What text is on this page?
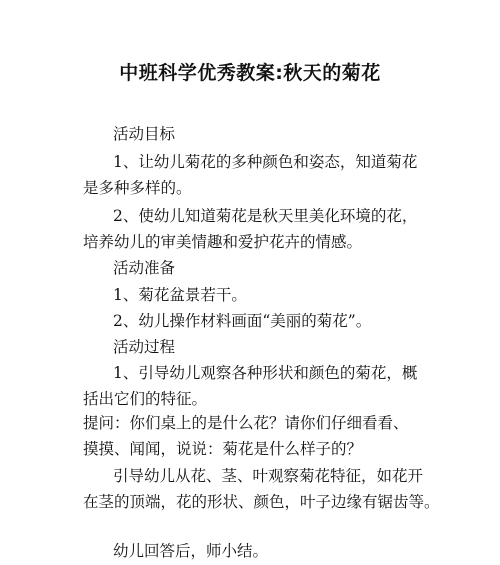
中班科学优秀教案:秋天的菊花
活动目标
1、让幼儿菊花的多种颜色和姿态，知道菊花
是多种多样的。
2、使幼儿知道菊花是秋天里美化环境的花，
培养幼儿的审美情趣和爱护花卉的情感。
活动准备
1、菊花盆景若干。
2、幼儿操作材料画面“美丽的菊花”。
活动过程
1、引导幼儿观察各种形状和颜色的菊花，概
括出它们的特征。
提问：你们桌上的是什么花？请你们仔细看看、
摸摸、闻闻，说说：菊花是什么样子的？
引导幼儿从花、茎、叶观察菊花特征，如花开
在茎的顶端，花的形状、颜色，叶子边缘有锯齿等。
幼儿回答后，师小结。
